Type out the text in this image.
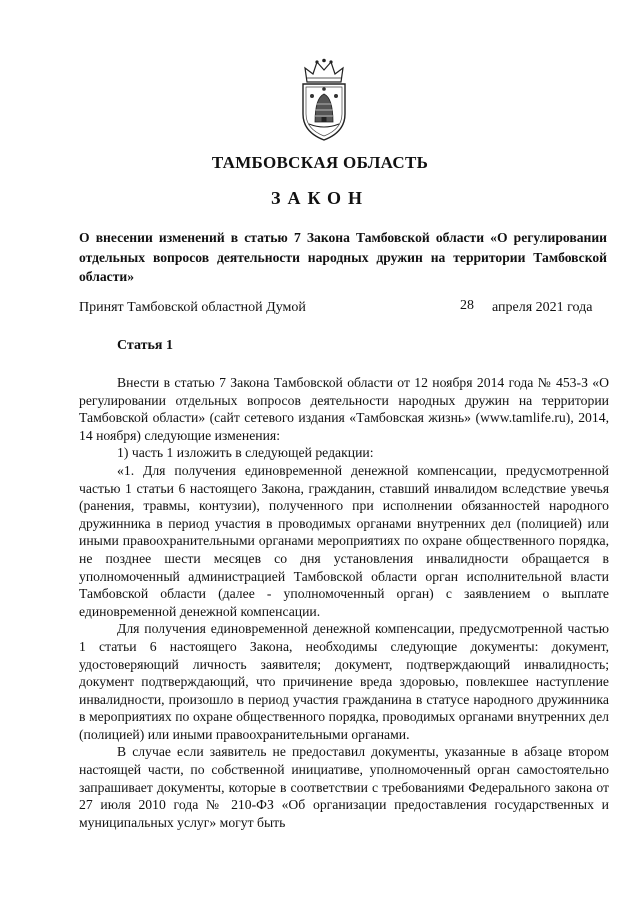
ТАМБОВСКАЯ ОБЛАСТЬ
ЗАКОН
О внесении изменений в статью 7 Закона Тамбовской области «О регулировании отдельных вопросов деятельности народных дружин на территории Тамбовской области»
Принят Тамбовской областной Думой	28 апреля 2021 года
Статья 1

Внести в статью 7 Закона Тамбовской области от 12 ноября 2014 года № 453-З «О регулировании отдельных вопросов деятельности народных дружин на территории Тамбовской области» (сайт сетевого издания «Тамбовская жизнь» (www.tamlife.ru), 2014, 14 ноября) следующие изменения:

1) часть 1 изложить в следующей редакции:

«1. Для получения единовременной денежной компенсации, предусмотренной частью 1 статьи 6 настоящего Закона, гражданин, ставший инвалидом вследствие увечья (ранения, травмы, контузии), полученного при исполнении обязанностей народного дружинника в период участия в проводимых органами внутренних дел (полицией) или иными правоохранительными органами мероприятиях по охране общественного порядка, не позднее шести месяцев со дня установления инвалидности обращается в уполномоченный администрацией Тамбовской области орган исполнительной власти Тамбовской области (далее - уполномоченный орган) с заявлением о выплате единовременной денежной компенсации.

Для получения единовременной денежной компенсации, предусмотренной частью 1 статьи 6 настоящего Закона, необходимы следующие документы: документ, удостоверяющий личность заявителя; документ, подтверждающий инвалидность; документ подтверждающий, что причинение вреда здоровью, повлекшее наступление инвалидности, произошло в период участия гражданина в статусе народного дружинника в мероприятиях по охране общественного порядка, проводимых органами внутренних дел (полицией) или иными правоохранительными органами.

В случае если заявитель не предоставил документы, указанные в абзаце втором настоящей части, по собственной инициативе, уполномоченный орган самостоятельно запрашивает документы, которые в соответствии с требованиями Федерального закона от 27 июля 2010 года № 210-ФЗ «Об организации предоставления государственных и муниципальных услуг» могут быть
